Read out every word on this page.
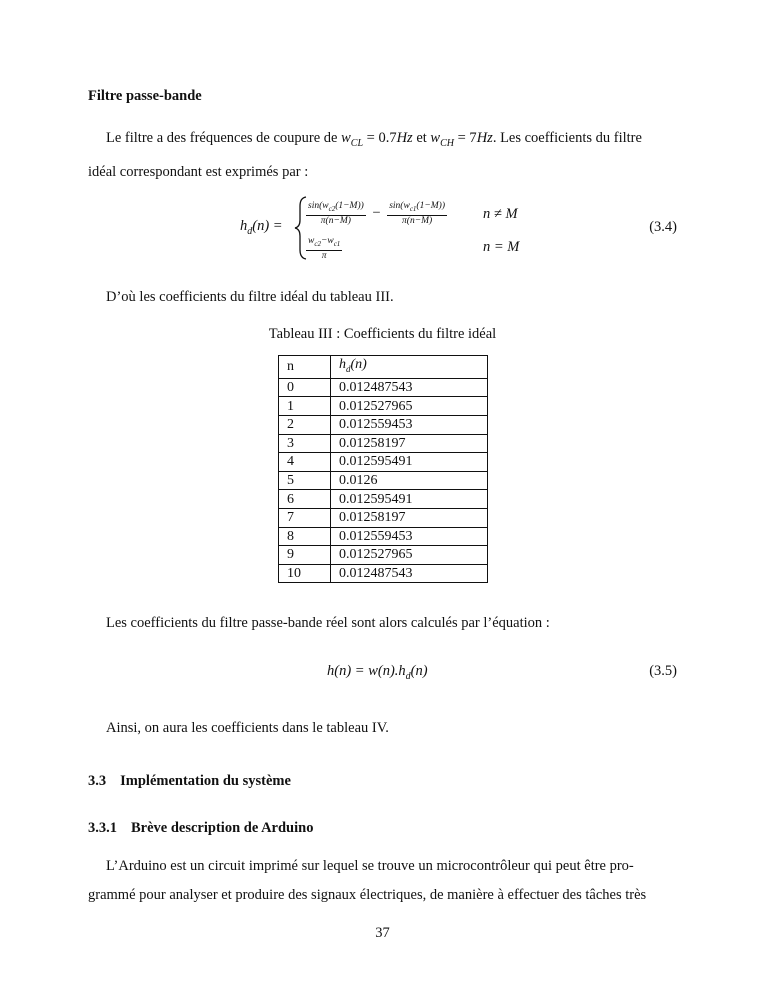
Filtre passe-bande
Le filtre a des fréquences de coupure de $w_{CL} = 0.7Hz$ et $w_{CH} = 7Hz$. Les coefficients du filtre
idéal correspondant est exprimés par :
$h_d(n) = \frac{\sin(w_{c2}(1-M))}{\pi(n-M)} - \frac{\sin(w_{c1}(1-M))}{\pi(n-M)}$ n ≠ M
$\frac{w_{c2}-w_{c1}}{\pi}$	n = M
(3.4)
D’où les coefficients du filtre idéal du tableau III.
Tableau III : Coefficients du filtre idéal
n	$h_d(n)$
0	0.012487543
1	0.012527965
2	0.012559453
3	0.01258197
4	0.012595491
5	0.0126
6	0.012595491
7	0.01258197
8	0.012559453
9	0.012527965
10	0.012487543
Les coefficients du filtre passe-bande réel sont alors calculés par l’équation :
$h(n) = w(n).h_d(n)$	(3.5)
Ainsi, on aura les coefficients dans le tableau IV.
3.3 Implémentation du système
3.3.1 Brève description de Arduino
L’Arduino est un circuit imprimé sur lequel se trouve un microcontrôleur qui peut être pro-
grammé pour analyser et produire des signaux électriques, de manière à effectuer des tâches très
37
